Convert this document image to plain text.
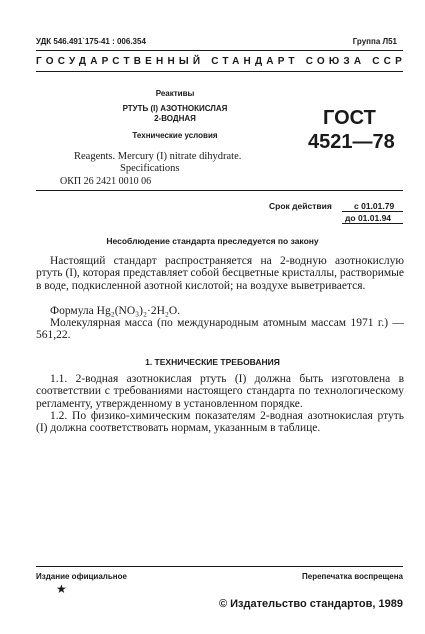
УДК 546.491`175-41 : 006.354	Группа Л51
ГОСУДАРСТВЕННЫЙ СТАНДАРТ СОЮЗА ССР
Реактивы
РТУТЬ (I) АЗОТНОКИСЛАЯ
2-ВОДНАЯ
Технические условия
ГОСТ
4521—78
Reagents. Mercury (I) nitrate dihydrate.
Specifications
ОКП 26 2421 0010 06
Срок действия	с 01.01.79
до 01.01.94
Несоблюдение стандарта преследуется по закону
Настоящий стандарт распространяется на 2-водную азотнокислую ртуть (I), которая представляет собой бесцветные кристаллы, растворимые в воде, подкисленной азотной кислотой; на воздухе выветривается.
Формула Hg₂(NO₃)₂·2H₂O.
Молекулярная масса (по международным атомным массам 1971 г.) — 561,22.
1. ТЕХНИЧЕСКИЕ ТРЕБОВАНИЯ
1.1. 2-водная азотнокислая ртуть (I) должна быть изготовлена в соответствии с требованиями настоящего стандарта по технологическому регламенту, утвержденному в установленном порядке.
1.2. По физико-химическим показателям 2-водная азотнокислая ртуть (I) должна соответствовать нормам, указанным в таблице.
Издание официальное
★
Перепечатка воспрещена
© Издательство стандартов, 1989
